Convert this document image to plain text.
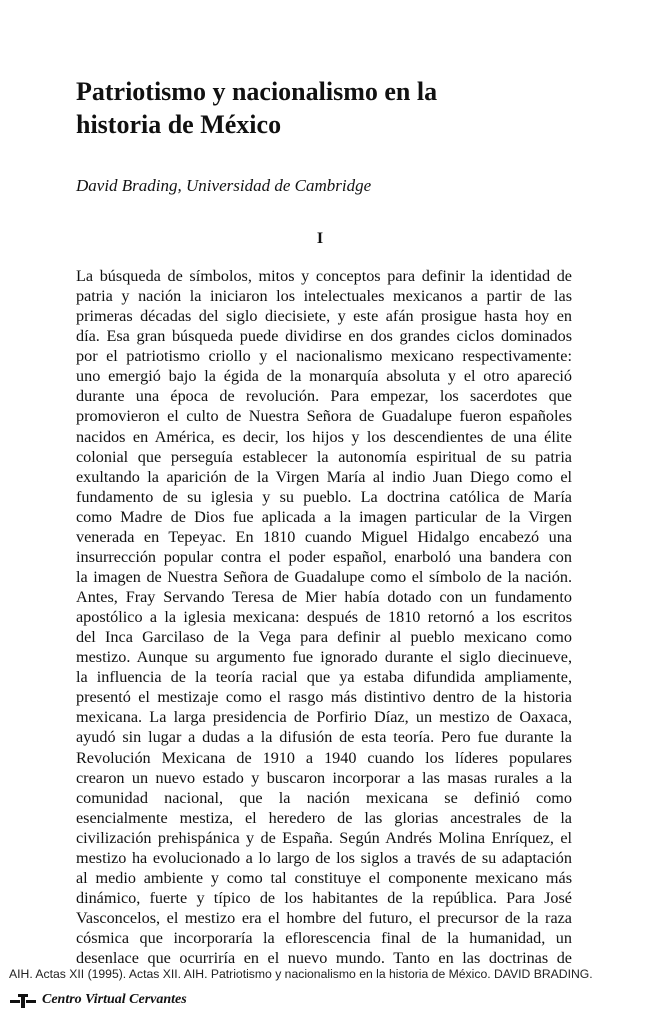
Patriotismo y nacionalismo en la
historia de México
David Brading, Universidad de Cambridge
I
La búsqueda de símbolos, mitos y conceptos para definir la identidad de
patria y nación la iniciaron los intelectuales mexicanos a partir de las
primeras décadas del siglo diecisiete, y este afán prosigue hasta hoy en
día. Esa gran búsqueda puede dividirse en dos grandes ciclos dominados
por el patriotismo criollo y el nacionalismo mexicano respectivamente:
uno emergió bajo la égida de la monarquía absoluta y el otro apareció
durante una época de revolución. Para empezar, los sacerdotes que
promovieron el culto de Nuestra Señora de Guadalupe fueron españoles
nacidos en América, es decir, los hijos y los descendientes de una élite
colonial que perseguía establecer la autonomía espiritual de su patria
exultando la aparición de la Virgen María al indio Juan Diego como el
fundamento de su iglesia y su pueblo. La doctrina católica de María
como Madre de Dios fue aplicada a la imagen particular de la Virgen
venerada en Tepeyac. En 1810 cuando Miguel Hidalgo encabezó una
insurrección popular contra el poder español, enarboló una bandera con
la imagen de Nuestra Señora de Guadalupe como el símbolo de la nación.
Antes, Fray Servando Teresa de Mier había dotado con un fundamento
apostólico a la iglesia mexicana: después de 1810 retornó a los escritos
del Inca Garcilaso de la Vega para definir al pueblo mexicano como
mestizo. Aunque su argumento fue ignorado durante el siglo diecinueve,
la influencia de la teoría racial que ya estaba difundida ampliamente,
presentó el mestizaje como el rasgo más distintivo dentro de la historia
mexicana. La larga presidencia de Porfirio Díaz, un mestizo de Oaxaca,
ayudó sin lugar a dudas a la difusión de esta teoría. Pero fue durante la
Revolución Mexicana de 1910 a 1940 cuando los líderes populares
crearon un nuevo estado y buscaron incorporar a las masas rurales a la
comunidad nacional, que la nación mexicana se definió como
esencialmente mestiza, el heredero de las glorias ancestrales de la
civilización prehispánica y de España. Según Andrés Molina Enríquez, el
mestizo ha evolucionado a lo largo de los siglos a través de su adaptación
al medio ambiente y como tal constituye el componente mexicano más
dinámico, fuerte y típico de los habitantes de la república. Para José
Vasconcelos, el mestizo era el hombre del futuro, el precursor de la raza
cósmica que incorporaría la eflorescencia final de la humanidad, un
desenlace que ocurriría en el nuevo mundo. Tanto en las doctrinas de
AIH. Actas XII (1995). Actas XII. AIH. Patriotismo y nacionalismo en la historia de México. DAVID BRADING.
Centro Virtual Cervantes
